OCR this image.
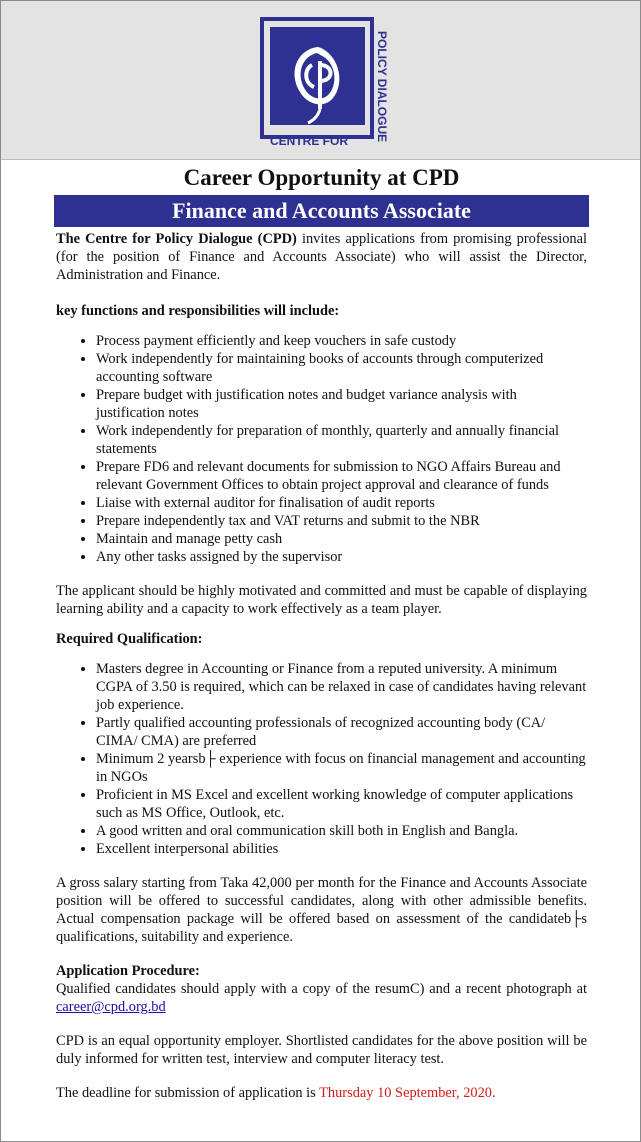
POLICY DIALOGUE
CENTRE FOR
Career Opportunity at CPD
Finance and Accounts Associate

The Centre for Policy Dialogue (CPD) invites applications from promising professional (for the position of Finance and Accounts Associate) who will assist the Director, Administration and Finance.

key functions and responsibilities will include:
• Process payment efficiently and keep vouchers in safe custody
• Work independently for maintaining books of accounts through computerized accounting software
• Prepare budget with justification notes and budget variance analysis with justification notes
• Work independently for preparation of monthly, quarterly and annually financial statements
• Prepare FD6 and relevant documents for submission to NGO Affairs Bureau and relevant Government Offices to obtain project approval and clearance of funds
• Liaise with external auditor for finalisation of audit reports
• Prepare independently tax and VAT returns and submit to the NBR
• Maintain and manage petty cash
• Any other tasks assigned by the supervisor

The applicant should be highly motivated and committed and must be capable of displaying learning ability and a capacity to work effectively as a team player.

Required Qualification:
• Masters degree in Accounting or Finance from a reputed university. A minimum CGPA of 3.50 is required, which can be relaxed in case of candidates having relevant job experience.
• Partly qualified accounting professionals of recognized accounting body (CA/ CIMA/ CMA) are preferred
• Minimum 2 yearsb├ experience with focus on financial management and accounting in NGOs
• Proficient in MS Excel and excellent working knowledge of computer applications such as MS Office, Outlook, etc.
• A good written and oral communication skill both in English and Bangla.
• Excellent interpersonal abilities

A gross salary starting from Taka 42,000 per month for the Finance and Accounts Associate position will be offered to successful candidates, along with other admissible benefits. Actual compensation package will be offered based on assessment of the candidateb├s qualifications, suitability and experience.

Application Procedure:

Qualified candidates should apply with a copy of the resumC) and a recent photograph at career@cpd.org.bd

CPD is an equal opportunity employer. Shortlisted candidates for the above position will be duly informed for written test, interview and computer literacy test.

The deadline for submission of application is Thursday 10 September, 2020.
